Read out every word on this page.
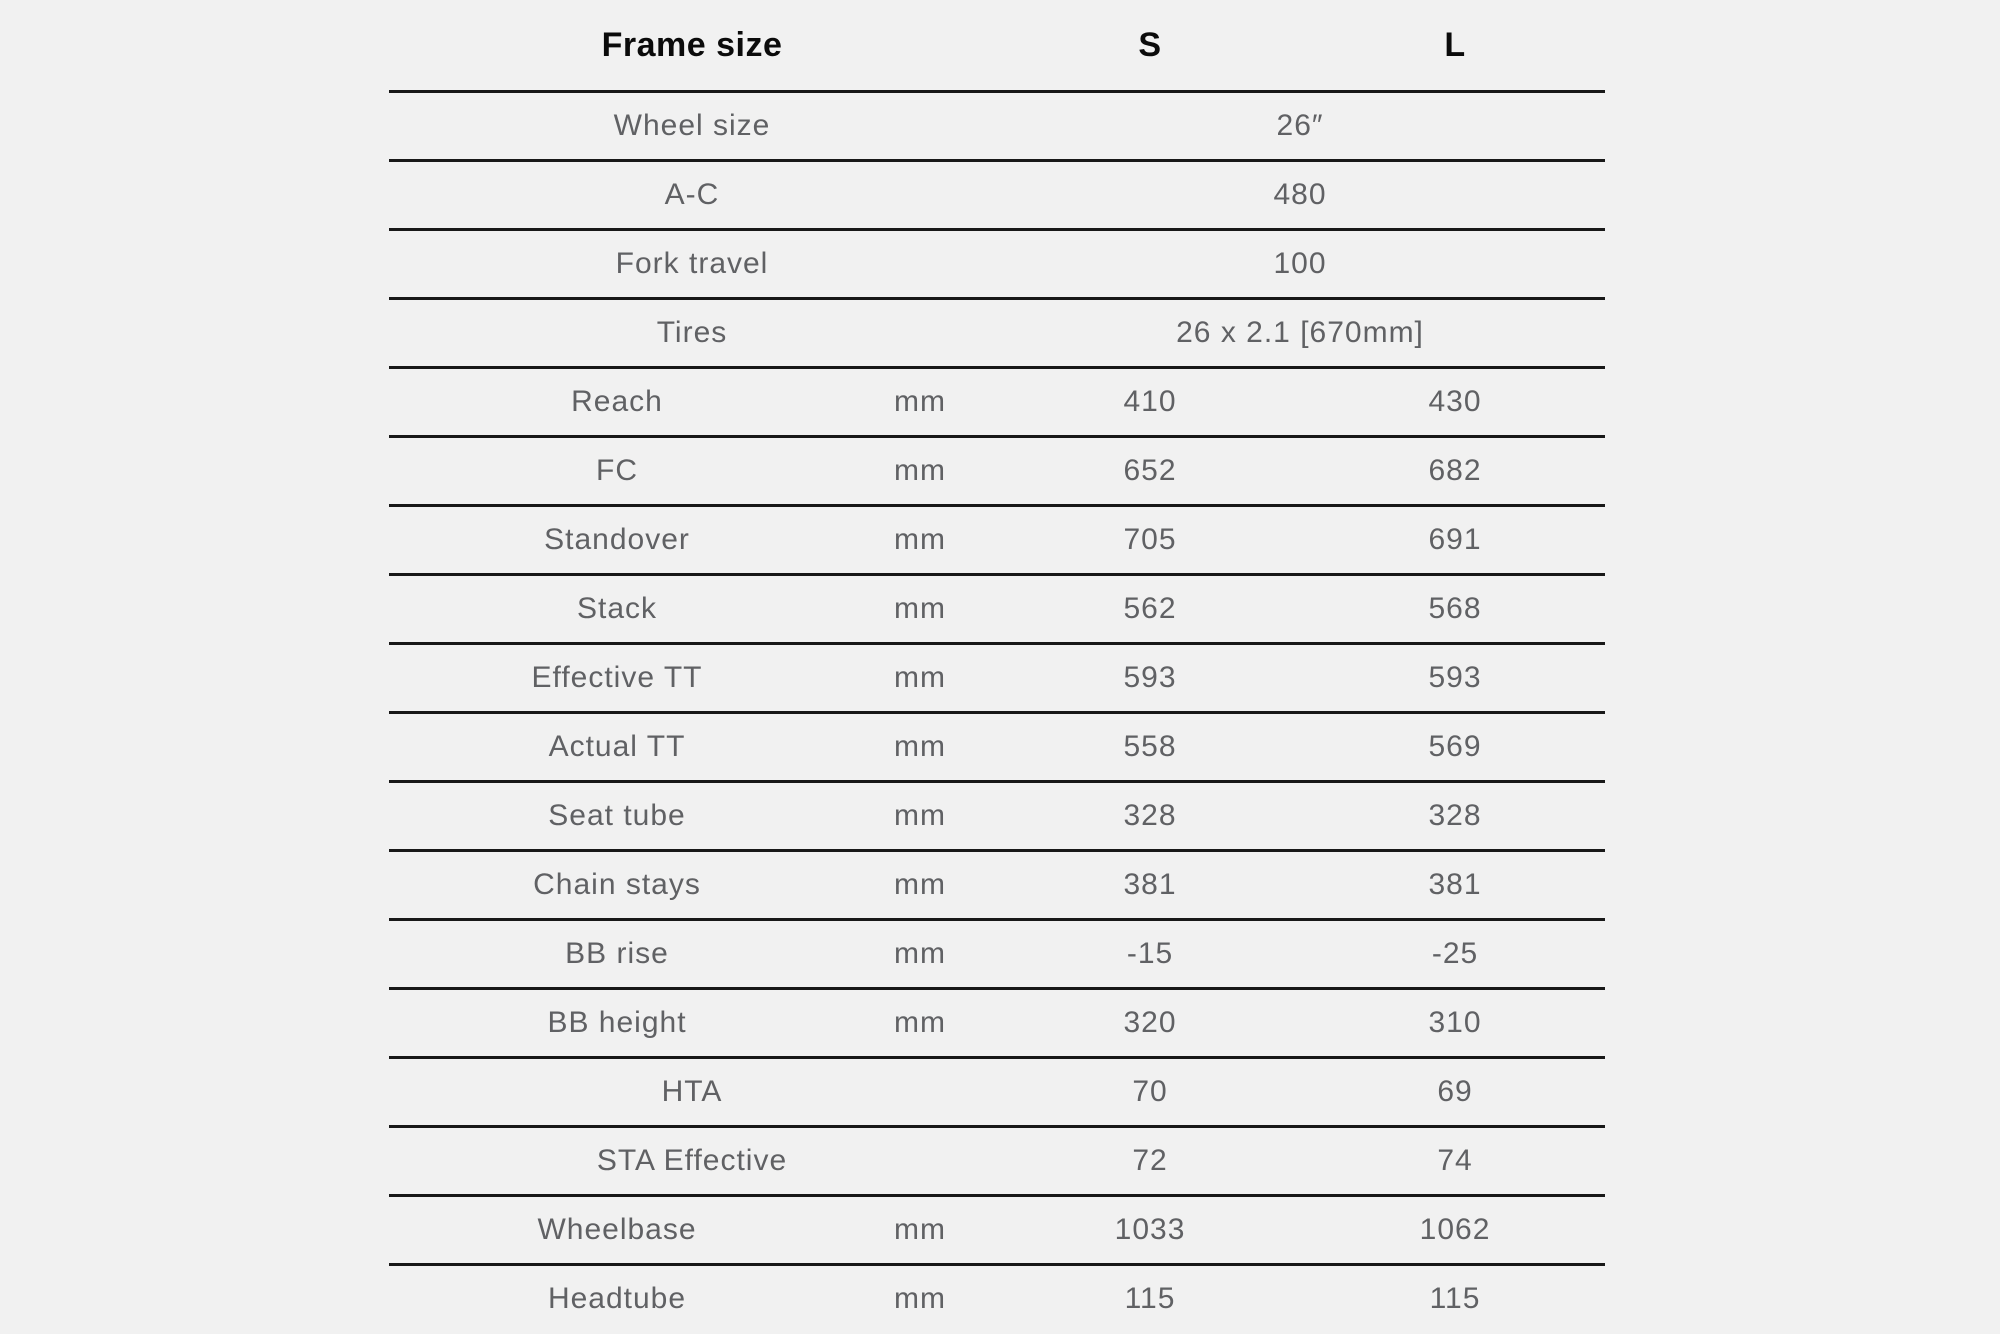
Frame size		S	L
Wheel size		26″	
A-C		480	
Fork travel		100	
Tires		26 x 2.1 [670mm]	
Reach	mm	410	430
FC	mm	652	682
Standover	mm	705	691
Stack	mm	562	568
Effective TT	mm	593	593
Actual TT	mm	558	569
Seat tube	mm	328	328
Chain stays	mm	381	381
BB rise	mm	-15	-25
BB height	mm	320	310
HTA		70	69
STA Effective		72	74
Wheelbase	mm	1033	1062
Headtube	mm	115	115
